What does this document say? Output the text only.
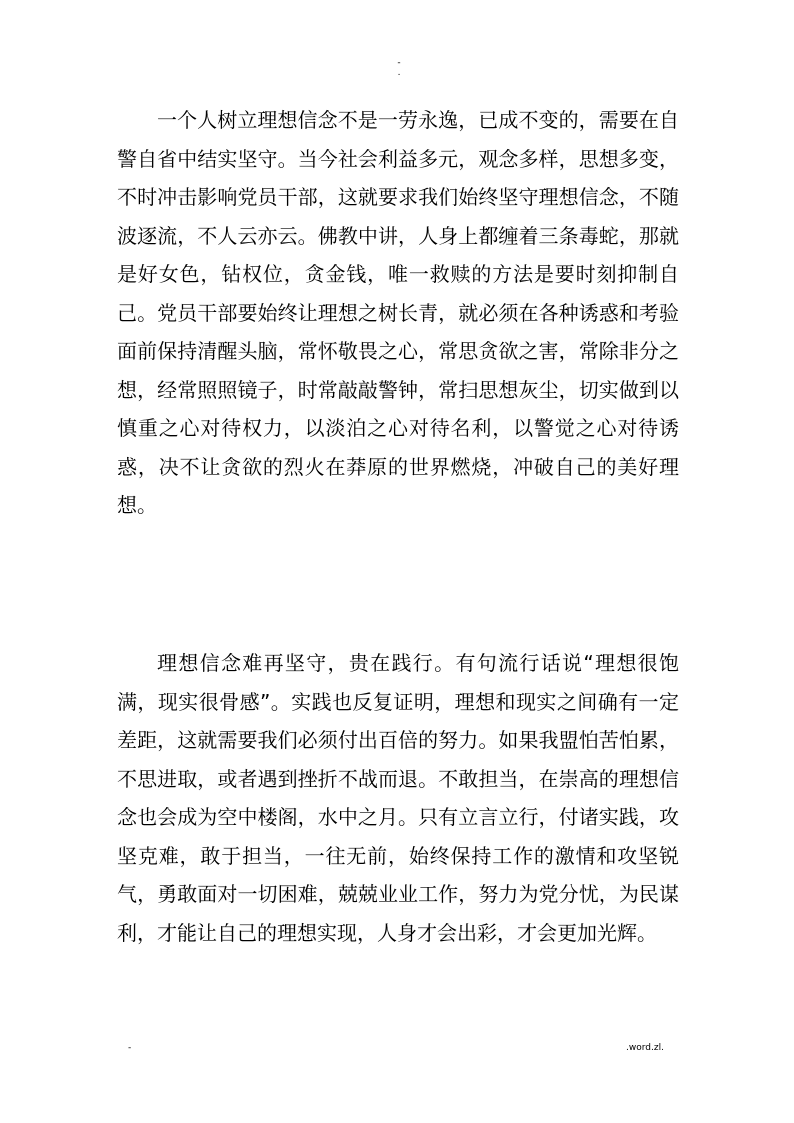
-
.

一个人树立理想信念不是一劳永逸，已成不变的，需要在自警自省中结实坚守。当今社会利益多元，观念多样，思想多变，不时冲击影响党员干部，这就要求我们始终坚守理想信念，不随波逐流，不人云亦云。佛教中讲，人身上都缠着三条毒蛇，那就是好女色，钻权位，贪金钱，唯一救赎的方法是要时刻抑制自己。党员干部要始终让理想之树长青，就必须在各种诱惑和考验面前保持清醒头脑，常怀敬畏之心，常思贪欲之害，常除非分之想，经常照照镜子，时常敲敲警钟，常扫思想灰尘，切实做到以慎重之心对待权力，以淡泊之心对待名利，以警觉之心对待诱惑，决不让贪欲的烈火在莽原的世界燃烧，冲破自己的美好理想。

理想信念难再坚守，贵在践行。有句流行话说“理想很饱满，现实很骨感”。实践也反复证明，理想和现实之间确有一定差距，这就需要我们必须付出百倍的努力。如果我盟怕苦怕累，不思进取，或者遇到挫折不战而退。不敢担当，在崇高的理想信念也会成为空中楼阁，水中之月。只有立言立行，付诸实践，攻坚克难，敢于担当，一往无前，始终保持工作的激情和攻坚锐气，勇敢面对一切困难，兢兢业业工作，努力为党分忧，为民谋利，才能让自己的理想实现，人身才会出彩，才会更加光辉。

-	.word.zl.
